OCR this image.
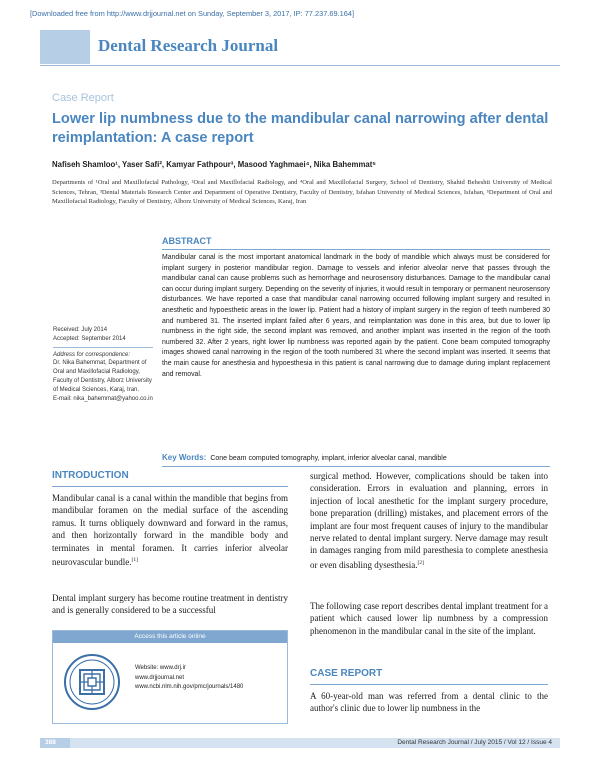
[Downloaded free from http://www.drjjournal.net on Sunday, September 3, 2017, IP: 77.237.69.164]
Dental Research Journal
Case Report
Lower lip numbness due to the mandibular canal narrowing after dental reimplantation: A case report
Nafiseh Shamloo¹, Yaser Safi², Kamyar Fathpour³, Masood Yaghmaei⁴, Nika Bahemmat⁵
Departments of ¹Oral and Maxillofacial Pathology, ²Oral and Maxillofacial Radiology, and ⁴Oral and Maxillofacial Surgery, School of Dentistry, Shahid Beheshti University of Medical Sciences, Tehran, ³Dental Materials Research Center and Department of Operative Dentistry, Faculty of Dentistry, Isfahan University of Medical Sciences, Isfahan, ⁵Department of Oral and Maxillofacial Radiology, Faculty of Dentistry, Alborz University of Medical Sciences, Karaj, Iran
ABSTRACT
Mandibular canal is the most important anatomical landmark in the body of mandible which always must be considered for implant surgery in posterior mandibular region. Damage to vessels and inferior alveolar nerve that passes through the mandibular canal can cause problems such as hemorrhage and neurosensory disturbances. Damage to the mandibular canal can occur during implant surgery. Depending on the severity of injuries, it would result in temporary or permanent neurosensory disturbances. We have reported a case that mandibular canal narrowing occurred following implant surgery and resulted in anesthetic and hypoesthetic areas in the lower lip. Patient had a history of implant surgery in the region of teeth numbered 30 and numbered 31. The inserted implant failed after 6 years, and reimplantation was done in this area, but due to lower lip numbness in the right side, the second implant was removed, and another implant was inserted in the region of the tooth numbered 32. After 2 years, right lower lip numbness was reported again by the patient. Cone beam computed tomography images showed canal narrowing in the region of the tooth numbered 31 where the second implant was inserted. It seems that the main cause for anesthesia and hypoesthesia in this patient is canal narrowing due to damage during implant replacement and removal.
Key Words: Cone beam computed tomography, implant, inferior alveolar canal, mandible
Received: July 2014
Accepted: September 2014
Address for correspondence:
Dr. Nika Bahemmat, Department of Oral and Maxillofacial Radiology, Faculty of Dentistry, Alborz University of Medical Sciences, Karaj, Iran.
E-mail: nika_bahemmat@yahoo.co.in
INTRODUCTION
Mandibular canal is a canal within the mandible that begins from mandibular foramen on the medial surface of the ascending ramus. It turns obliquely downward and forward in the ramus, and then horizontally forward in the mandible body and terminates in mental foramen. It carries inferior alveolar neurovascular bundle.[1]
Dental implant surgery has become routine treatment in dentistry and is generally considered to be a successful
surgical method. However, complications should be taken into consideration. Errors in evaluation and planning, errors in injection of local anesthetic for the implant surgery procedure, bone preparation (drilling) mistakes, and placement errors of the implant are four most frequent causes of injury to the mandibular nerve related to dental implant surgery. Nerve damage may result in damages ranging from mild paresthesia to complete anesthesia or even disabling dysesthesia.[2]
The following case report describes dental implant treatment for a patient which caused lower lip numbness by a compression phenomenon in the mandibular canal in the site of the implant.
CASE REPORT
A 60-year-old man was referred from a dental clinic to the author's clinic due to lower lip numbness in the
Access this article online
Website: www.drj.ir
www.drjjournal.net
www.ncbi.nlm.nih.gov/pmc/journals/1480
388	Dental Research Journal / July 2015 / Vol 12 / Issue 4
